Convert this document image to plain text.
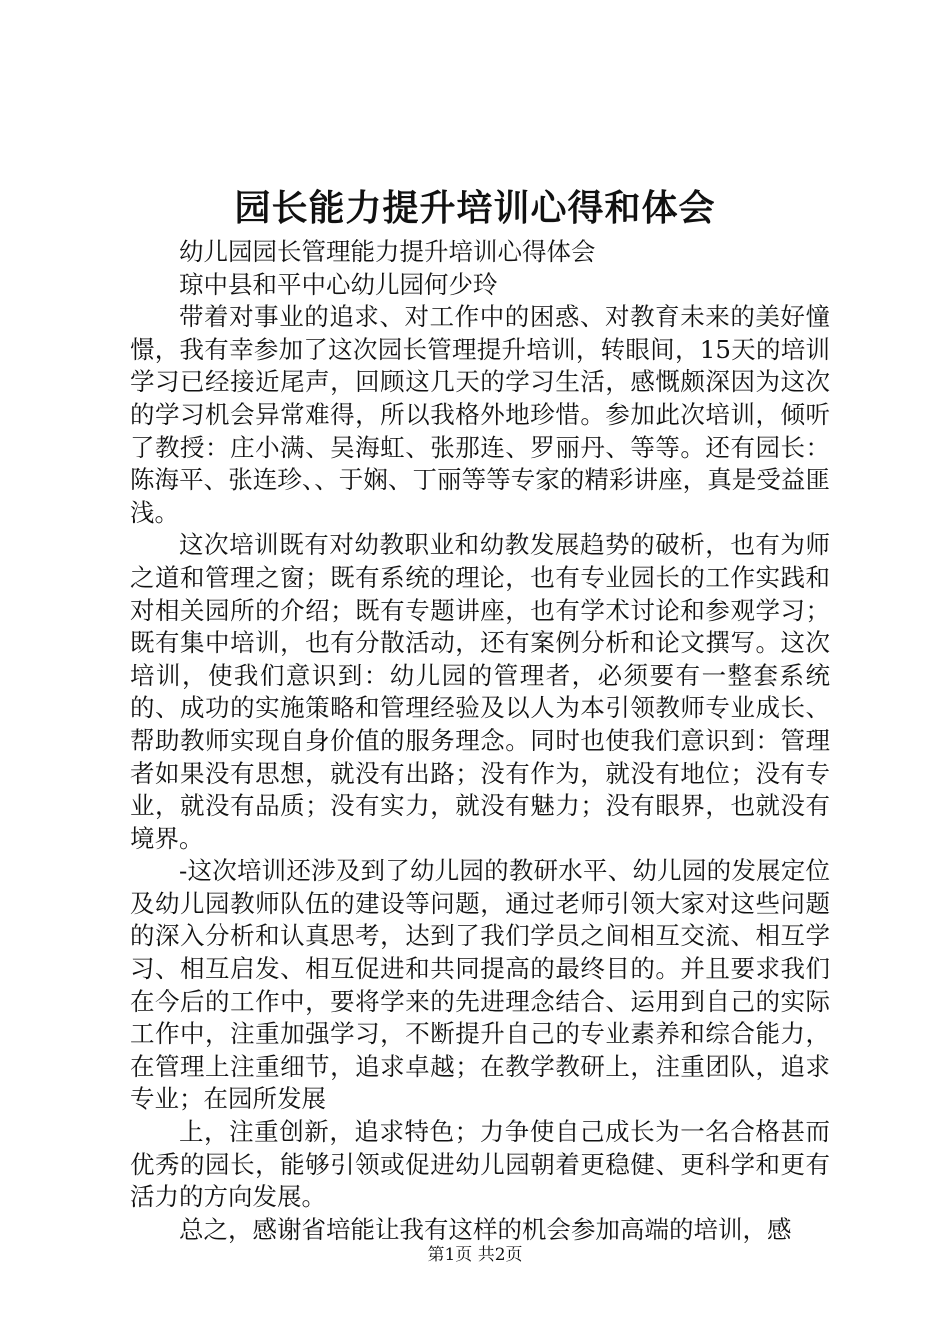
园长能力提升培训心得和体会

幼儿园园长管理能力提升培训心得体会

琼中县和平中心幼儿园何少玲

带着对事业的追求、对工作中的困惑、对教育未来的美好憧憬，我有幸参加了这次园长管理提升培训，转眼间，15天的培训学习已经接近尾声，回顾这几天的学习生活，感慨颇深因为这次的学习机会异常难得，所以我格外地珍惜。参加此次培训，倾听了教授：庄小满、吴海虹、张那连、罗丽丹、等等。还有园长：陈海平、张连珍、、于娴、丁丽等等专家的精彩讲座，真是受益匪浅。

这次培训既有对幼教职业和幼教发展趋势的破析，也有为师之道和管理之窗；既有系统的理论，也有专业园长的工作实践和对相关园所的介绍；既有专题讲座，也有学术讨论和参观学习；既有集中培训，也有分散活动，还有案例分析和论文撰写。这次培训，使我们意识到：幼儿园的管理者，必须要有一整套系统的、成功的实施策略和管理经验及以人为本引领教师专业成长、帮助教师实现自身价值的服务理念。同时也使我们意识到：管理者如果没有思想，就没有出路；没有作为，就没有地位；没有专业，就没有品质；没有实力，就没有魅力；没有眼界，也就没有境界。

-这次培训还涉及到了幼儿园的教研水平、幼儿园的发展定位及幼儿园教师队伍的建设等问题，通过老师引领大家对这些问题的深入分析和认真思考，达到了我们学员之间相互交流、相互学习、相互启发、相互促进和共同提高的最终目的。并且要求我们在今后的工作中，要将学来的先进理念结合、运用到自己的实际工作中，注重加强学习，不断提升自己的专业素养和综合能力，在管理上注重细节，追求卓越；在教学教研上，注重团队，追求专业；在园所发展

上，注重创新，追求特色；力争使自己成长为一名合格甚而优秀的园长，能够引领或促进幼儿园朝着更稳健、更科学和更有活力的方向发展。

总之，感谢省培能让我有这样的机会参加高端的培训，感

第1页 共2页
